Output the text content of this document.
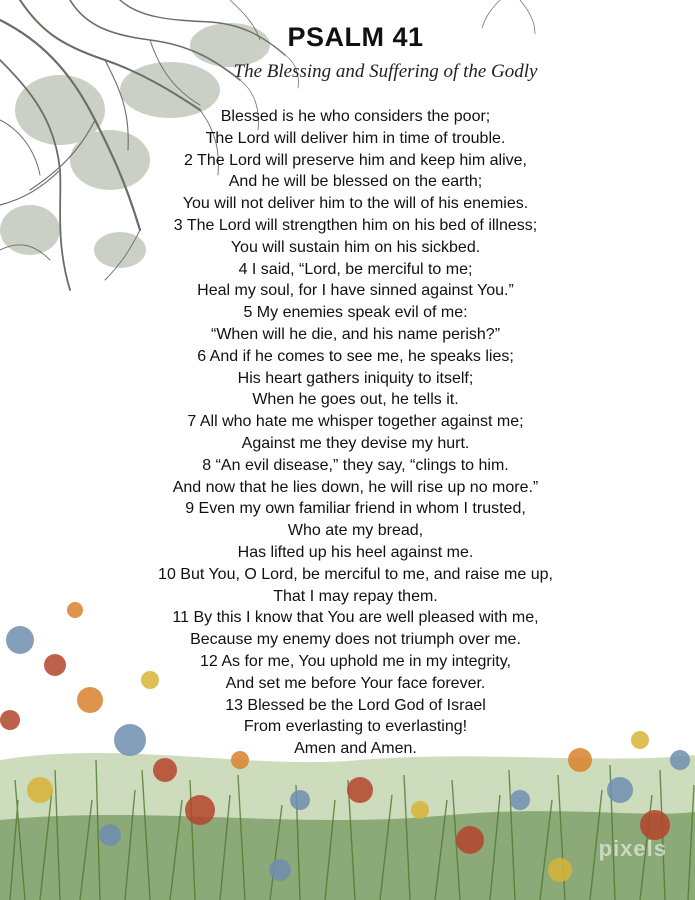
PSALM 41
The Blessing and Suffering of the Godly
Blessed is he who considers the poor;
The Lord will deliver him in time of trouble.
2 The Lord will preserve him and keep him alive,
And he will be blessed on the earth;
You will not deliver him to the will of his enemies.
3 The Lord will strengthen him on his bed of illness;
You will sustain him on his sickbed.
4 I said, “Lord, be merciful to me;
Heal my soul, for I have sinned against You.”
5 My enemies speak evil of me:
“When will he die, and his name perish?”
6 And if he comes to see me, he speaks lies;
His heart gathers iniquity to itself;
When he goes out, he tells it.
7 All who hate me whisper together against me;
Against me they devise my hurt.
8 “An evil disease,” they say, “clings to him.
And now that he lies down, he will rise up no more.”
9 Even my own familiar friend in whom I trusted,
Who ate my bread,
Has lifted up his heel against me.
10 But You, O Lord, be merciful to me, and raise me up,
That I may repay them.
11 By this I know that You are well pleased with me,
Because my enemy does not triumph over me.
12 As for me, You uphold me in my integrity,
And set me before Your face forever.
13 Blessed be the Lord God of Israel
From everlasting to everlasting!
Amen and Amen.
pixels
